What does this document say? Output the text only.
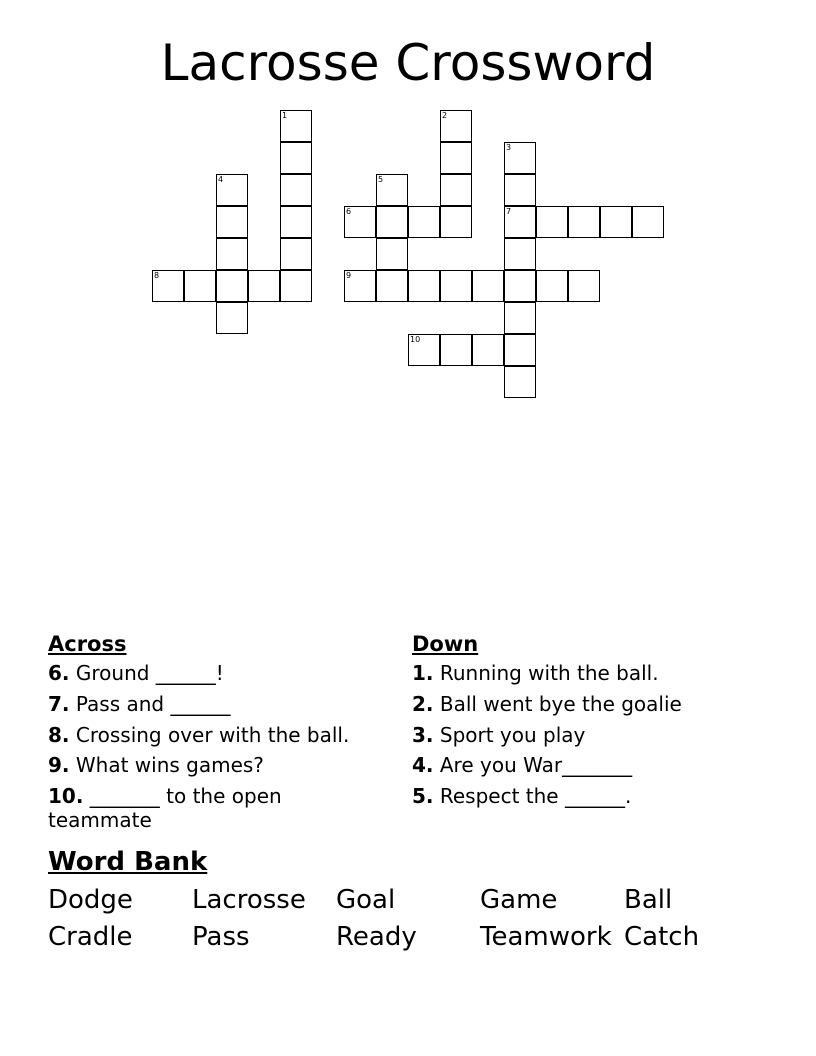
Lacrosse Crossword
1	2
3
7
4	5
6
8	9
10
Across
6. Ground ______!
7. Pass and ______
8. Crossing over with the ball.
9. What wins games?
10. _______ to the open teammate
Down
1. Running with the ball.
2. Ball went bye the goalie
3. Sport you play
4. Are you War_______
5. Respect the ______.
Word Bank
Dodge	Lacrosse	Goal	Game	Ball
Cradle	Pass	Ready	Teamwork Catch
